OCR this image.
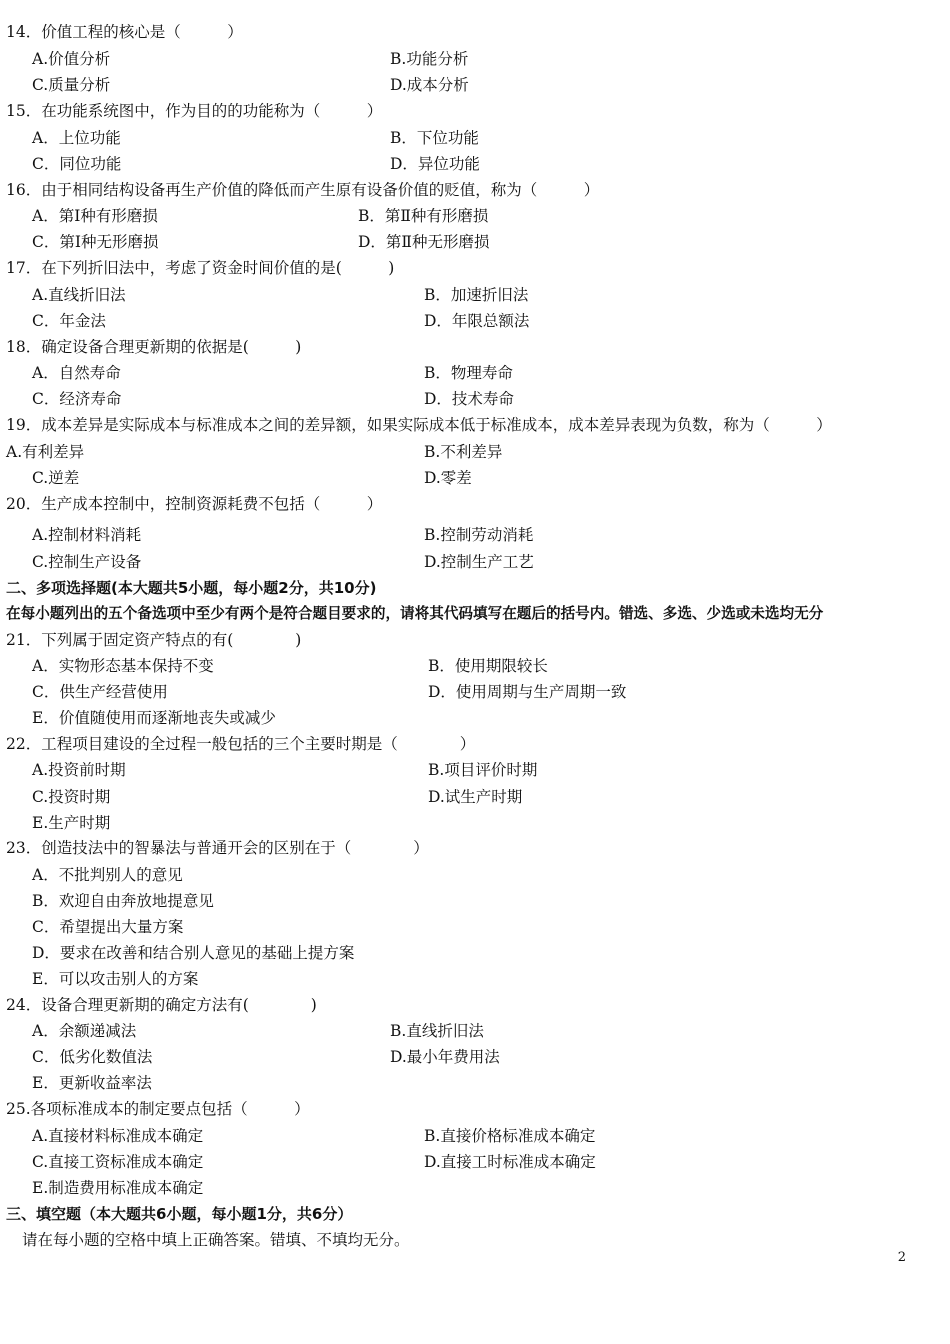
14．价值工程的核心是（　　　）
A.价值分析	B.功能分析
C.质量分析	D.成本分析
15．在功能系统图中，作为目的的功能称为（　　　）
A．上位功能	B．下位功能
C．同位功能	D．异位功能
16．由于相同结构设备再生产价值的降低而产生原有设备价值的贬值，称为（　　　）
A．第Ⅰ种有形磨损	B．第Ⅱ种有形磨损
C．第Ⅰ种无形磨损	D．第Ⅱ种无形磨损
17．在下列折旧法中，考虑了资金时间价值的是(　　　)
A.直线折旧法	B．加速折旧法
C．年金法	D．年限总额法
18．确定设备合理更新期的依据是(　　　)
A．自然寿命	B．物理寿命
C．经济寿命	D．技术寿命
19．成本差异是实际成本与标准成本之间的差异额，如果实际成本低于标准成本，成本差异表现为负数，称为（　　　）
A.有利差异	B.不利差异
C.逆差	D.零差
20．生产成本控制中，控制资源耗费不包括（　　　）
A.控制材料消耗	B.控制劳动消耗
C.控制生产设备	D.控制生产工艺
二、多项选择题(本大题共5小题，每小题2分，共10分)
在每小题列出的五个备选项中至少有两个是符合题目要求的，请将其代码填写在题后的括号内。错选、多选、少选或未选均无分
21．下列属于固定资产特点的有(　　　　)
A．实物形态基本保持不变	B．使用期限较长
C．供生产经营使用	D．使用周期与生产周期一致
E．价值随使用而逐渐地丧失或减少
22．工程项目建设的全过程一般包括的三个主要时期是（　　　　）
A.投资前时期	B.项目评价时期
C.投资时期	D.试生产时期
E.生产时期
23．创造技法中的智暴法与普通开会的区别在于（　　　　）
A．不批判别人的意见
B．欢迎自由奔放地提意见
C．希望提出大量方案
D．要求在改善和结合别人意见的基础上提方案
E．可以攻击别人的方案
24．设备合理更新期的确定方法有(　　　　)
A．余额递减法	B.直线折旧法
C．低劣化数值法	D.最小年费用法
E．更新收益率法
25.各项标准成本的制定要点包括（　　　）
A.直接材料标准成本确定	B.直接价格标准成本确定
C.直接工资标准成本确定	D.直接工时标准成本确定
E.制造费用标准成本确定
三、填空题（本大题共6小题，每小题1分，共6分）
请在每小题的空格中填上正确答案。错填、不填均无分。
2
